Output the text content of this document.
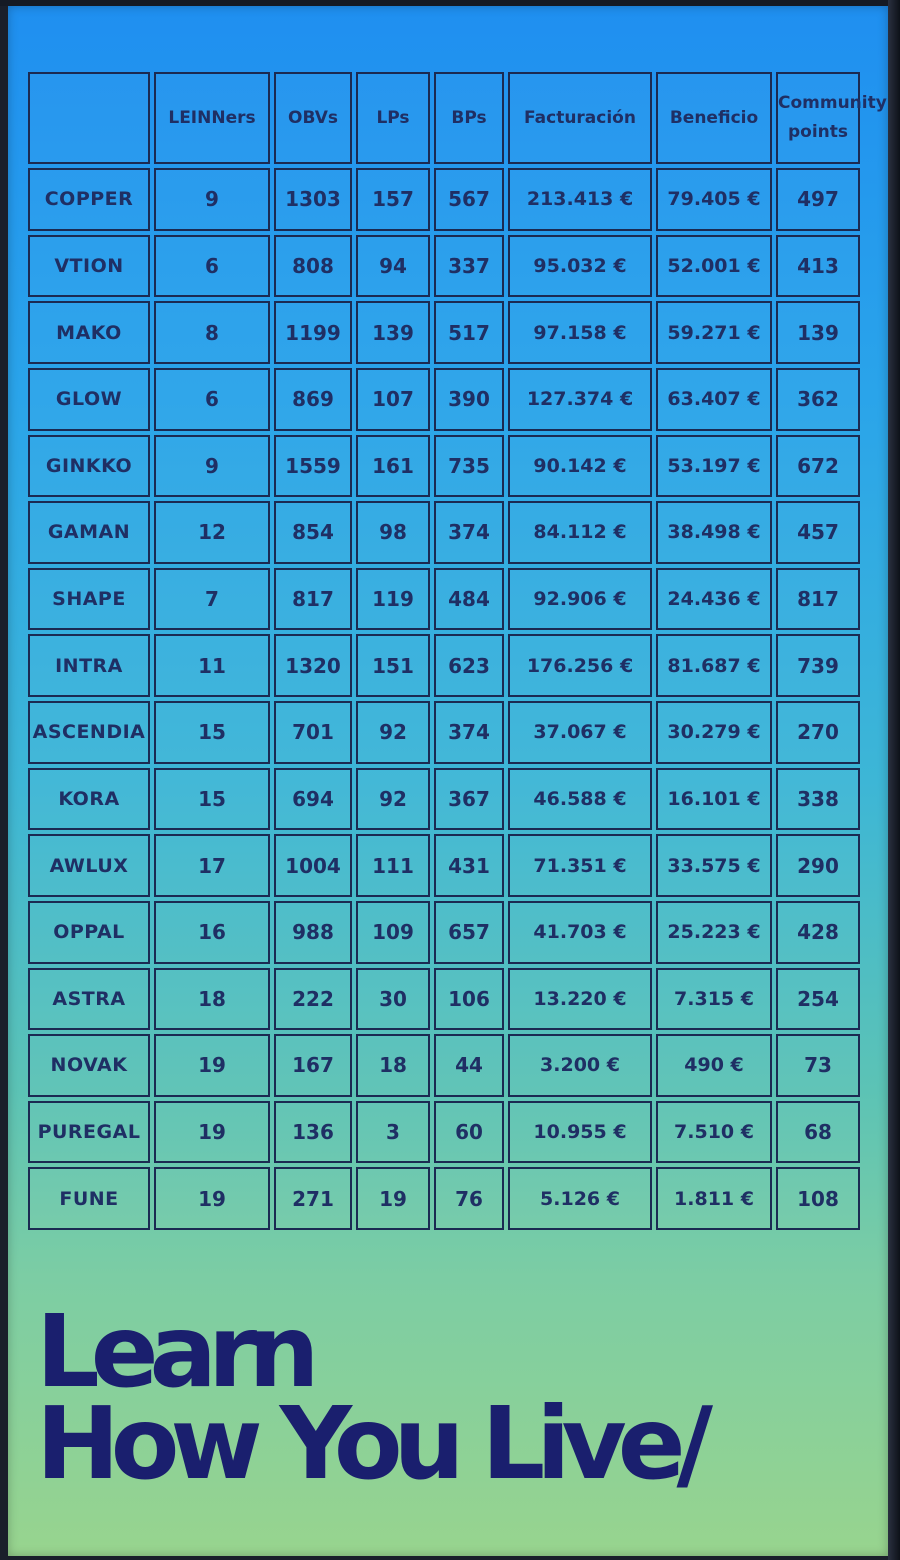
	LEINNers	OBVs	LPs	BPs	Facturación	Beneficio	Community points
COPPER	9	1303	157	567	213.413 €	79.405 €	497
VTION	6	808	94	337	95.032 €	52.001 €	413
MAKO	8	1199	139	517	97.158 €	59.271 €	139
GLOW	6	869	107	390	127.374 €	63.407 €	362
GINKKO	9	1559	161	735	90.142 €	53.197 €	672
GAMAN	12	854	98	374	84.112 €	38.498 €	457
SHAPE	7	817	119	484	92.906 €	24.436 €	817
INTRA	11	1320	151	623	176.256 €	81.687 €	739
ASCENDIA	15	701	92	374	37.067 €	30.279 €	270
KORA	15	694	92	367	46.588 €	16.101 €	338
AWLUX	17	1004	111	431	71.351 €	33.575 €	290
OPPAL	16	988	109	657	41.703 €	25.223 €	428
ASTRA	18	222	30	106	13.220 €	7.315 €	254
NOVAK	19	167	18	44	3.200 €	490 €	73
PUREGAL	19	136	3	60	10.955 €	7.510 €	68
FUNE	19	271	19	76	5.126 €	1.811 €	108
Learn
How You Live/
